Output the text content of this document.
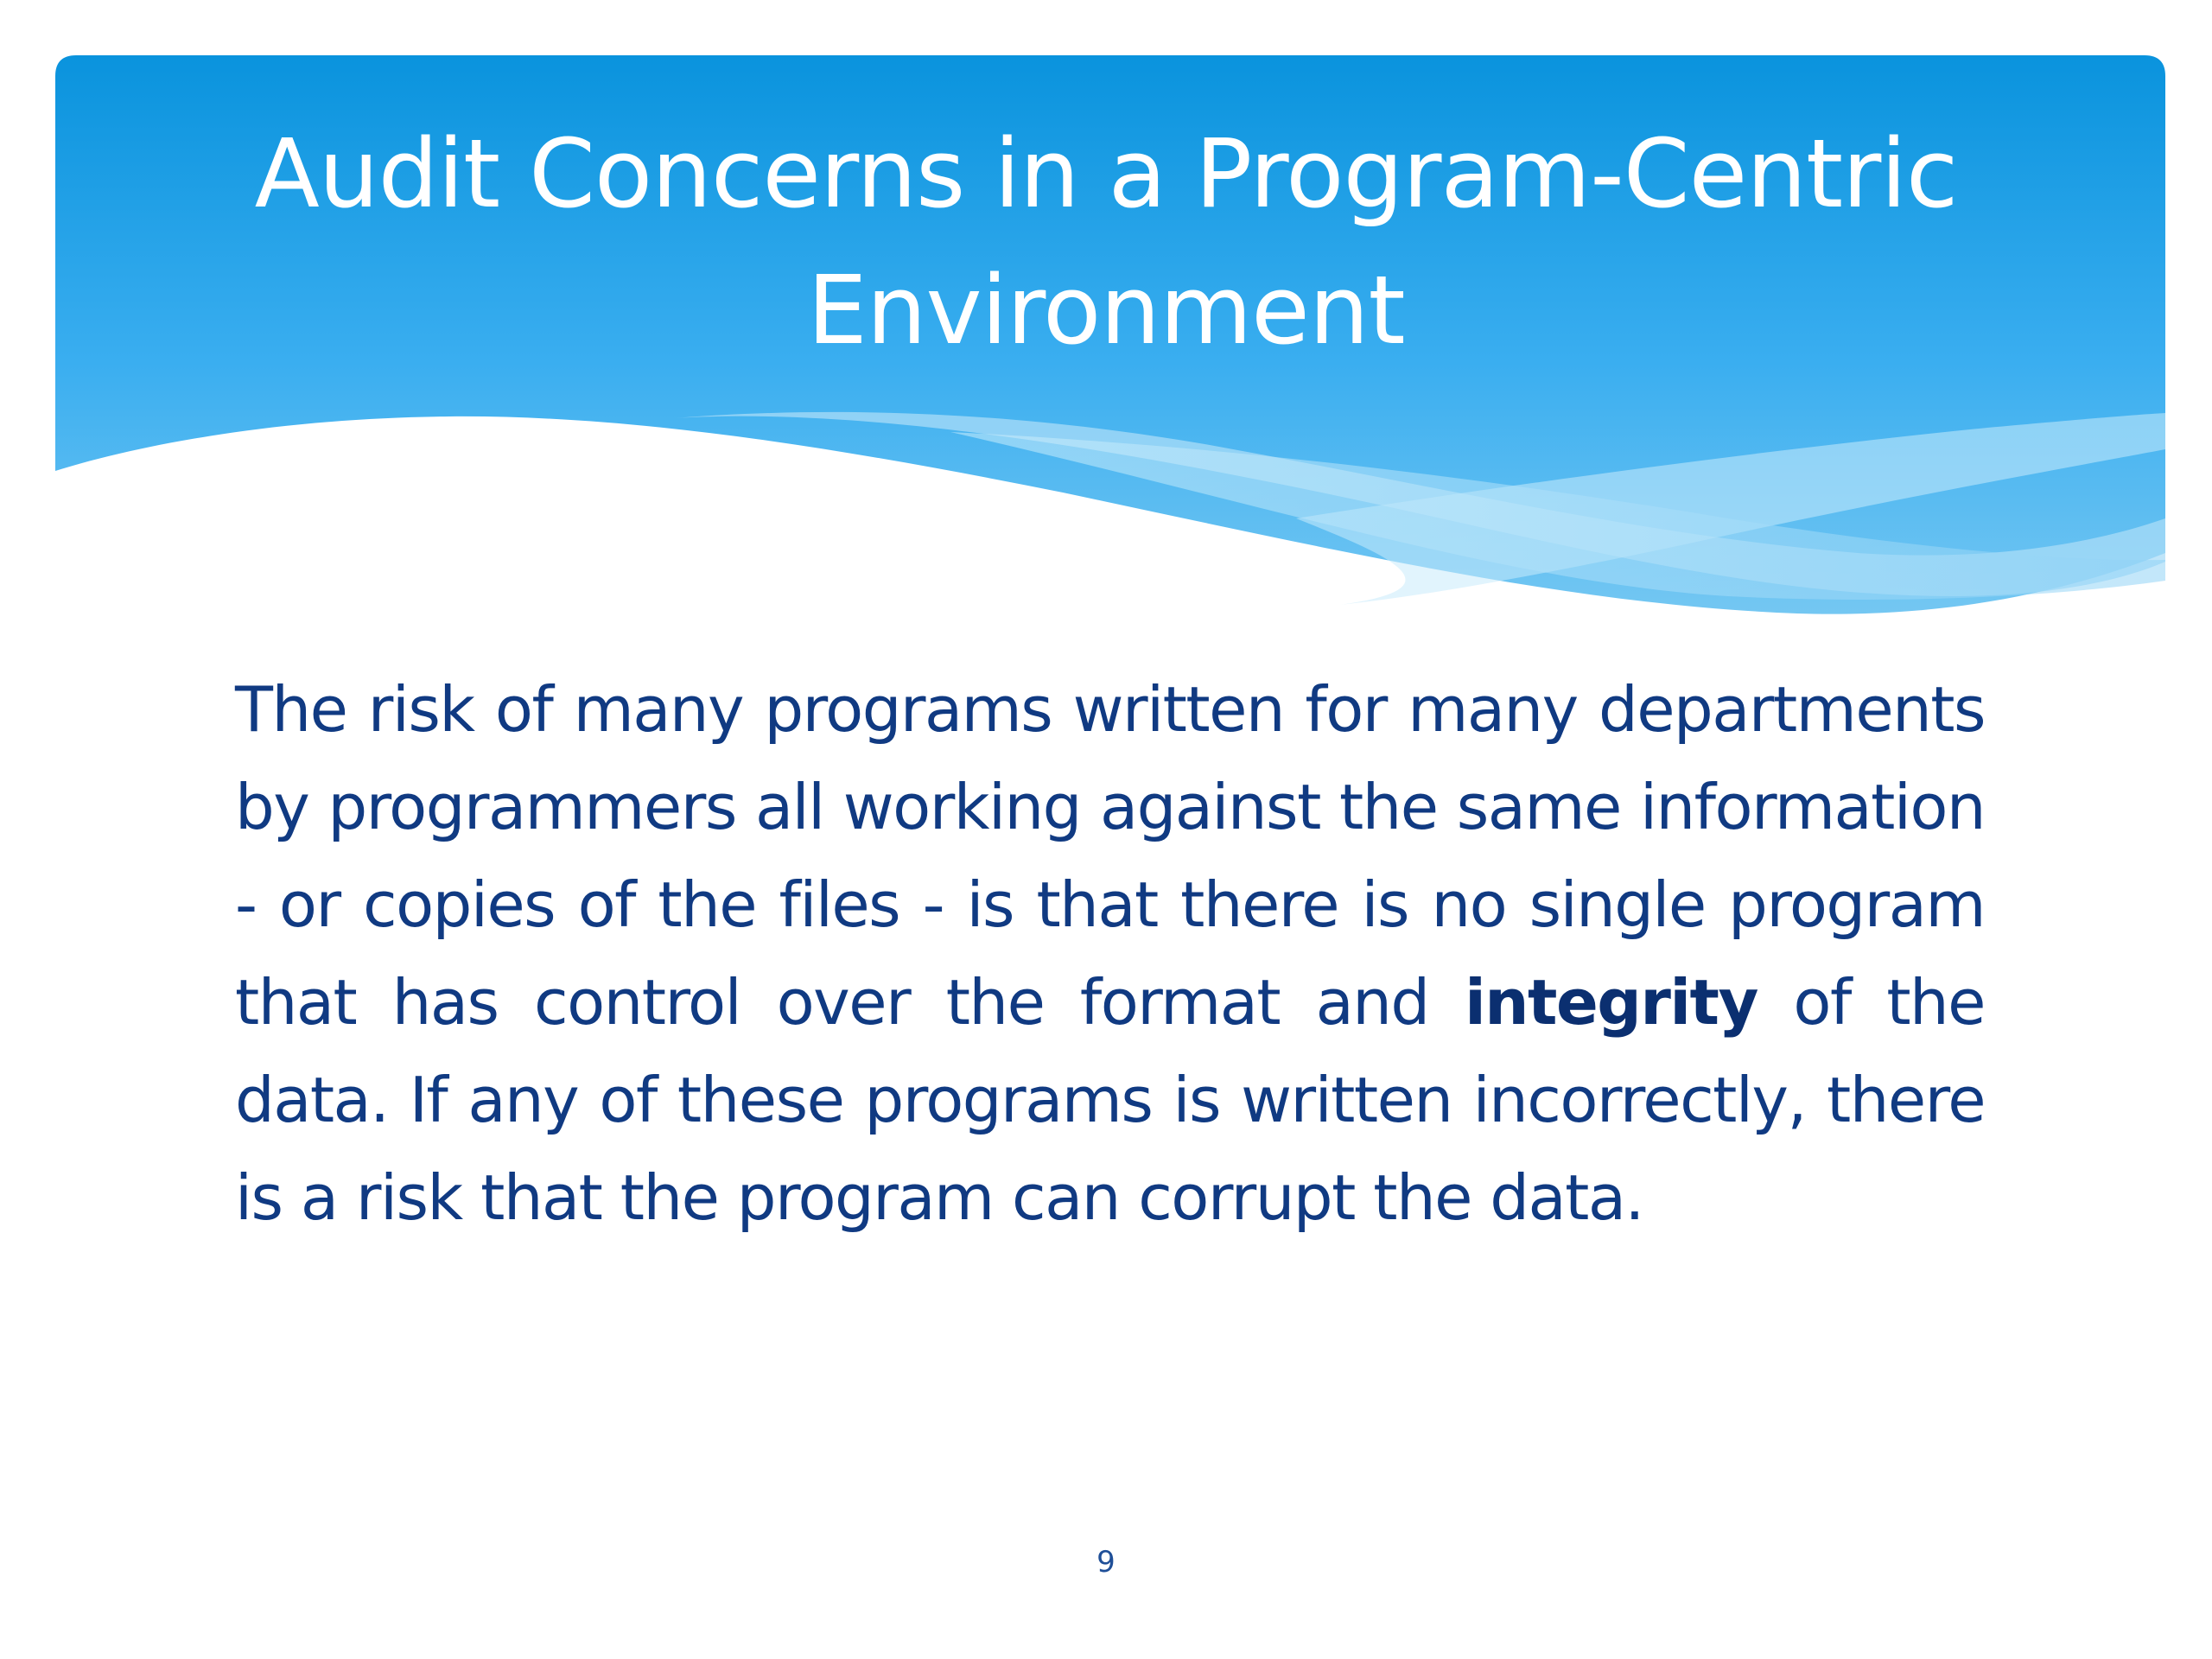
Audit Concerns in a Program-Centric
Environment

The risk of many programs written for many departments by programmers all working against the same information - or copies of the files - is that there is no single program that has control over the format and integrity of the data. If any of these programs is written incorrectly, there is a risk that the program can corrupt the data.

9
